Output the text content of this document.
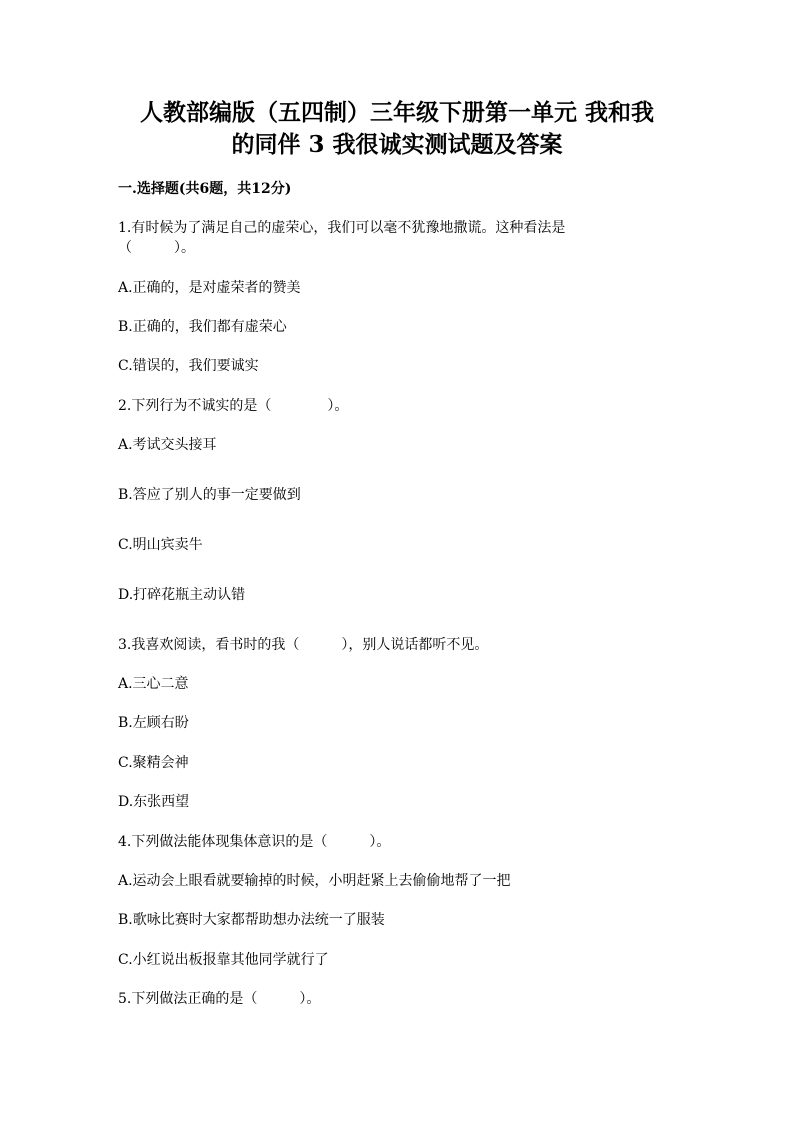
人教部编版（五四制）三年级下册第一单元 我和我
的同伴 3 我很诚实测试题及答案
一.选择题(共6题，共12分)
1.有时候为了满足自己的虚荣心，我们可以毫不犹豫地撒谎。这种看法是
（　　　）。
A.正确的，是对虚荣者的赞美
B.正确的，我们都有虚荣心
C.错误的，我们要诚实
2.下列行为不诚实的是（　　　　）。
A.考试交头接耳
B.答应了别人的事一定要做到
C.明山宾卖牛
D.打碎花瓶主动认错
3.我喜欢阅读，看书时的我（　　　），别人说话都听不见。
A.三心二意
B.左顾右盼
C.聚精会神
D.东张西望
4.下列做法能体现集体意识的是（　　　）。
A.运动会上眼看就要输掉的时候，小明赶紧上去偷偷地帮了一把
B.歌咏比赛时大家都帮助想办法统一了服装
C.小红说出板报靠其他同学就行了
5.下列做法正确的是（　　　）。
